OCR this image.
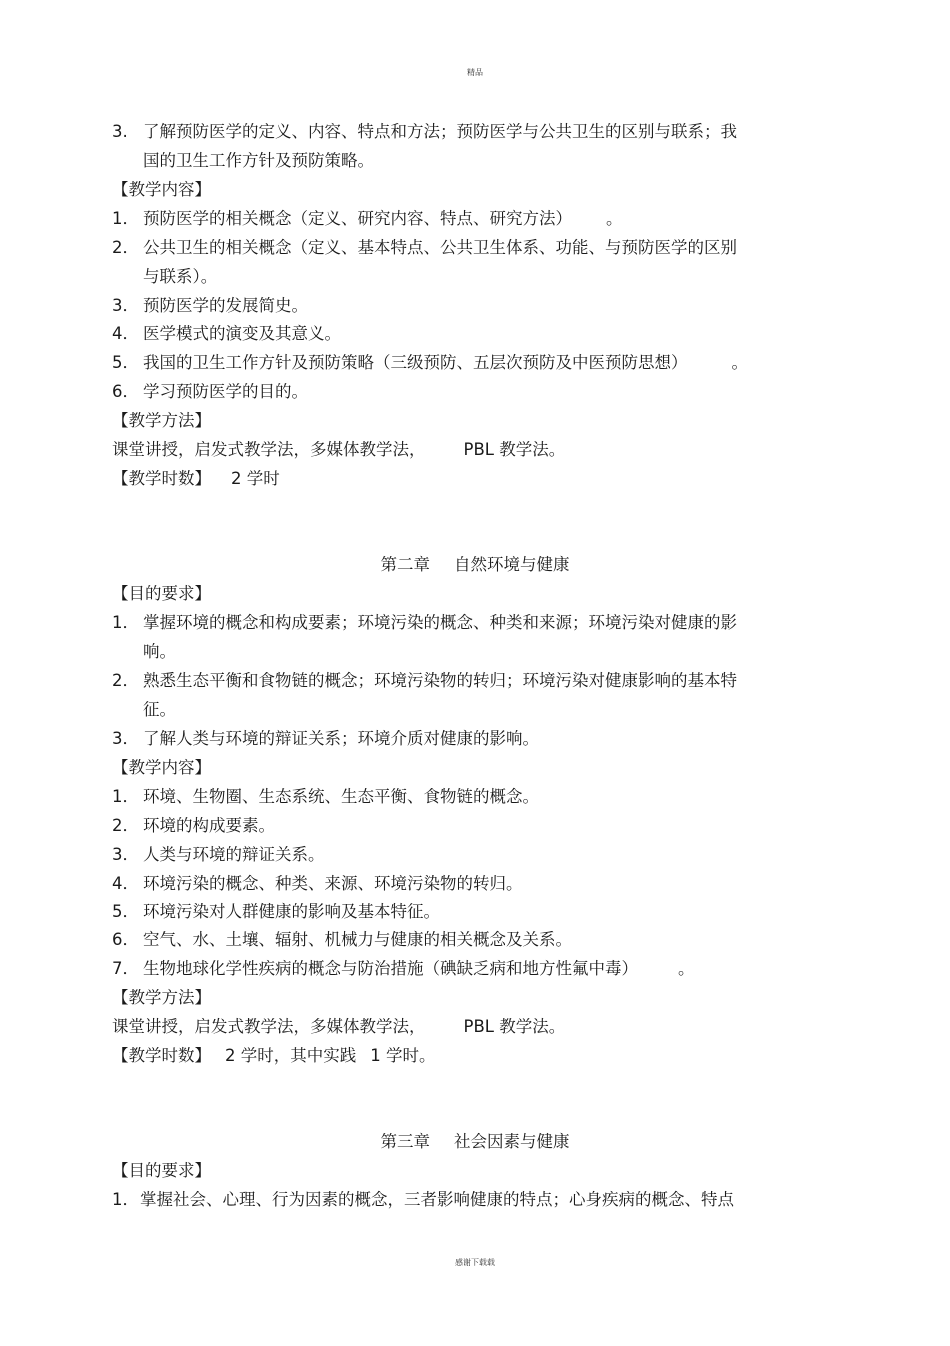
精品
3. 了解预防医学的定义、内容、特点和方法；预防医学与公共卫生的区别与联系；我
国的卫生工作方针及预防策略。
【教学内容】
1． 预防医学的相关概念（定义、研究内容、特点、研究方法） 。
2． 公共卫生的相关概念（定义、基本特点、公共卫生体系、功能、与预防医学的区别
与联系）。
3． 预防医学的发展简史。
4． 医学模式的演变及其意义。
5． 我国的卫生工作方针及预防策略（三级预防、五层次预防及中医预防思想）	。
6． 学习预防医学的目的。
【教学方法】
课堂讲授，启发式教学法，多媒体教学法， PBL 教学法。
【教学时数】 2 学时
第二章 自然环境与健康
【目的要求】
1． 掌握环境的概念和构成要素；环境污染的概念、种类和来源；环境污染对健康的影
响。
2． 熟悉生态平衡和食物链的概念；环境污染物的转归；环境污染对健康影响的基本特
征。
3． 了解人类与环境的辩证关系；环境介质对健康的影响。
【教学内容】
1． 环境、生物圈、生态系统、生态平衡、食物链的概念。
2． 环境的构成要素。
3． 人类与环境的辩证关系。
4． 环境污染的概念、种类、来源、环境污染物的转归。
5． 环境污染对人群健康的影响及基本特征。
6． 空气、水、土壤、辐射、机械力与健康的相关概念及关系。
7． 生物地球化学性疾病的概念与防治措施（碘缺乏病和地方性氟中毒） 。
【教学方法】
课堂讲授，启发式教学法，多媒体教学法， PBL 教学法。
【教学时数】 2 学时，其中实践 1 学时。
第三章 社会因素与健康
【目的要求】
1．掌握社会、心理、行为因素的概念，三者影响健康的特点；心身疾病的概念、特点
感谢下载载
